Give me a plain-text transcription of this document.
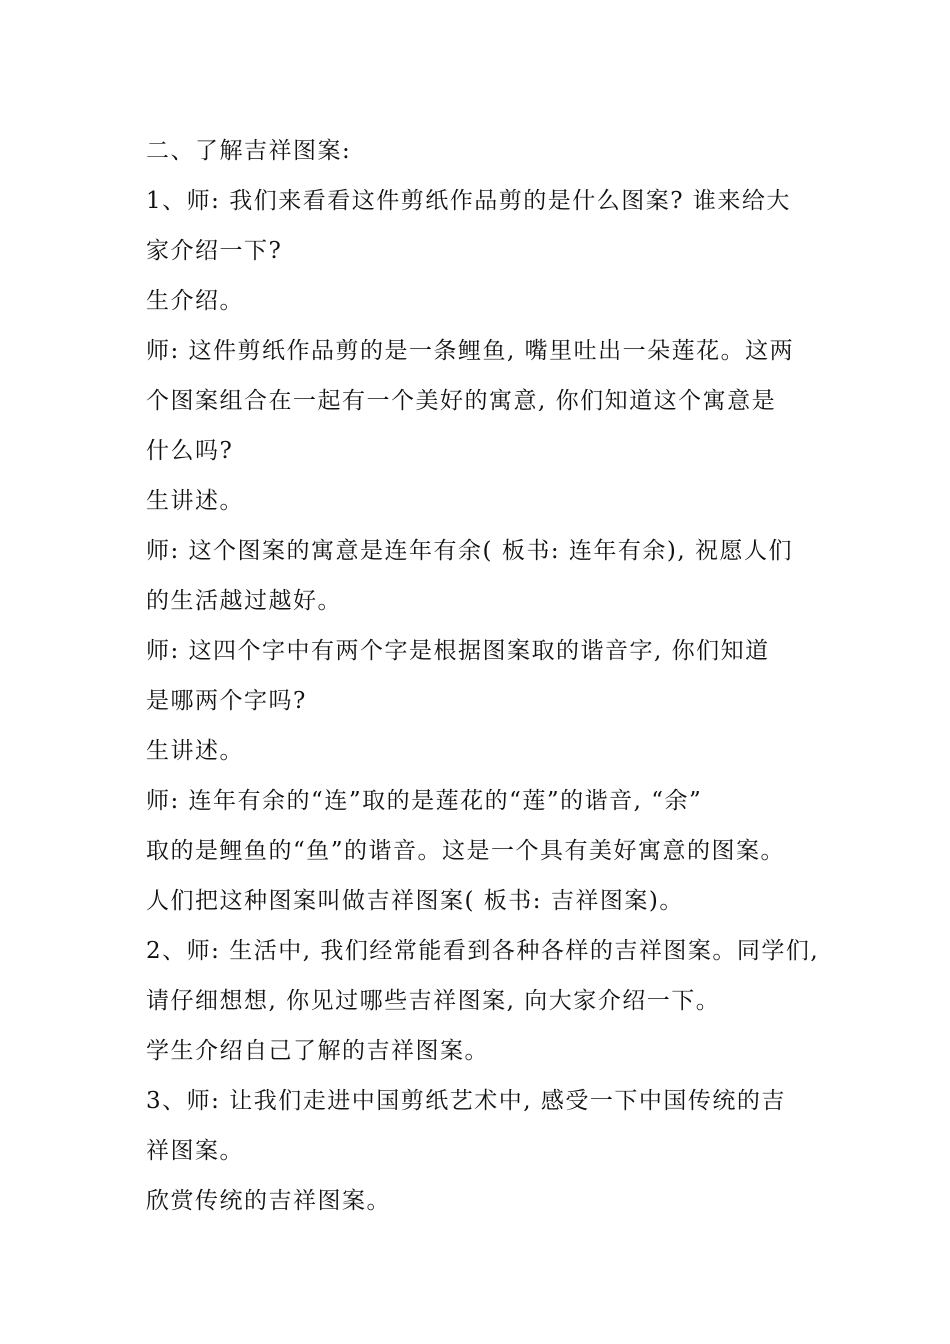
二、了解吉祥图案:
1、师: 我们来看看这件剪纸作品剪的是什么图案? 谁来给大
家介绍一下?
生介绍。
师: 这件剪纸作品剪的是一条鲤鱼, 嘴里吐出一朵莲花。这两
个图案组合在一起有一个美好的寓意, 你们知道这个寓意是
什么吗?
生讲述。
师: 这个图案的寓意是连年有余( 板书: 连年有余), 祝愿人们
的生活越过越好。
师: 这四个字中有两个字是根据图案取的谐音字, 你们知道
是哪两个字吗?
生讲述。
师: 连年有余的“连”取的是莲花的“莲”的谐音, “余”
取的是鲤鱼的“鱼”的谐音。这是一个具有美好寓意的图案。
人们把这种图案叫做吉祥图案( 板书: 吉祥图案)。
2、师: 生活中, 我们经常能看到各种各样的吉祥图案。同学们,
请仔细想想, 你见过哪些吉祥图案, 向大家介绍一下。
学生介绍自己了解的吉祥图案。
3、师: 让我们走进中国剪纸艺术中, 感受一下中国传统的吉
祥图案。
欣赏传统的吉祥图案。
